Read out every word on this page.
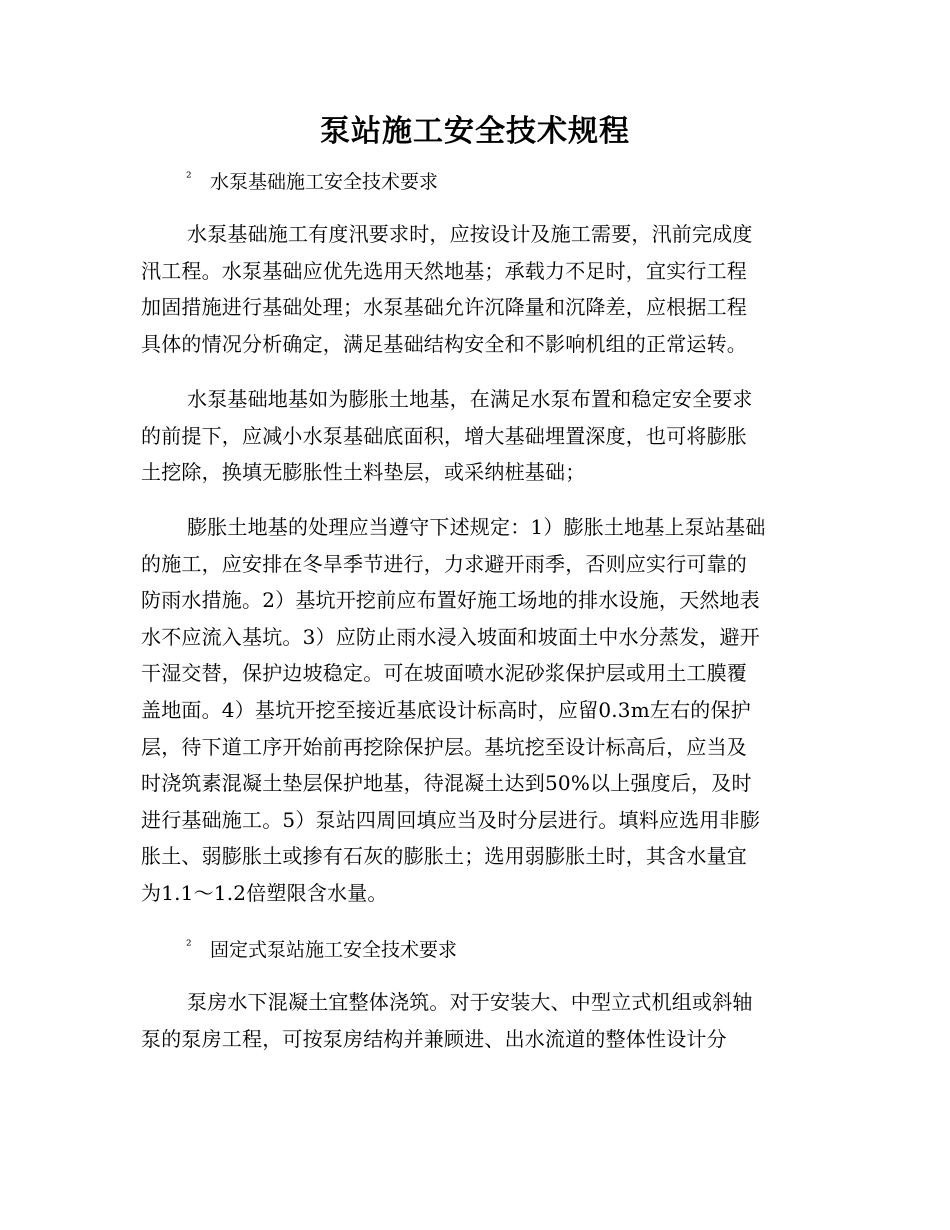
泵站施工安全技术规程
² 水泵基础施工安全技术要求
水泵基础施工有度汛要求时，应按设计及施工需要，汛前完成度
汛工程。水泵基础应优先选用天然地基；承载力不足时，宜实行工程
加固措施进行基础处理；水泵基础允许沉降量和沉降差，应根据工程
具体的情况分析确定，满足基础结构安全和不影响机组的正常运转。
水泵基础地基如为膨胀土地基，在满足水泵布置和稳定安全要求
的前提下，应减小水泵基础底面积，增大基础埋置深度，也可将膨胀
土挖除，换填无膨胀性土料垫层，或采纳桩基础；
膨胀土地基的处理应当遵守下述规定：1）膨胀土地基上泵站基础
的施工，应安排在冬旱季节进行，力求避开雨季，否则应实行可靠的
防雨水措施。2）基坑开挖前应布置好施工场地的排水设施，天然地表
水不应流入基坑。3）应防止雨水浸入坡面和坡面土中水分蒸发，避开
干湿交替，保护边坡稳定。可在坡面喷水泥砂浆保护层或用土工膜覆
盖地面。4）基坑开挖至接近基底设计标高时，应留0.3m左右的保护
层，待下道工序开始前再挖除保护层。基坑挖至设计标高后，应当及
时浇筑素混凝土垫层保护地基，待混凝土达到50%以上强度后，及时
进行基础施工。5）泵站四周回填应当及时分层进行。填料应选用非膨
胀土、弱膨胀土或掺有石灰的膨胀土；选用弱膨胀土时，其含水量宜
为1.1～1.2倍塑限含水量。
² 固定式泵站施工安全技术要求
泵房水下混凝土宜整体浇筑。对于安装大、中型立式机组或斜轴
泵的泵房工程，可按泵房结构并兼顾进、出水流道的整体性设计分
